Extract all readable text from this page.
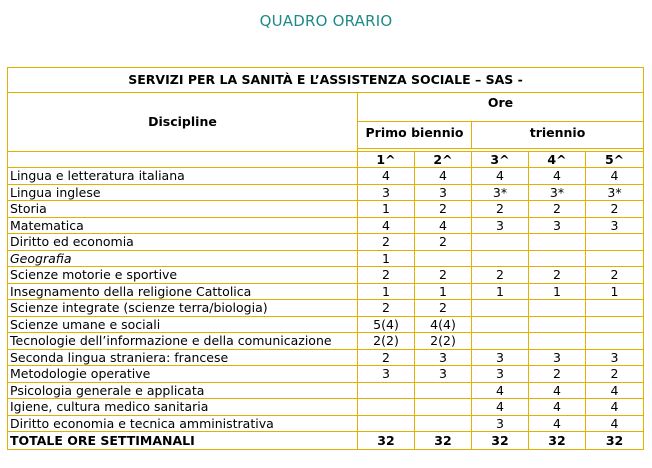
QUADRO ORARIO
SERVIZI PER LA SANITÀ E L’ASSISTENZA SOCIALE – SAS -					
Discipline	Ore				
	Primo biennio		triennio		

	1^	2^	3^	4^	5^
Lingua e letteratura italiana	4	4	4	4	4
Lingua inglese	3	3	3*	3*	3*
Storia	1	2	2	2	2
Matematica	4	4	3	3	3
Diritto ed economia	2	2			
Geografia	1				
Scienze motorie e sportive	2	2	2	2	2
Insegnamento della religione Cattolica	1	1	1	1	1
Scienze integrate (scienze terra/biologia)	2	2			
Scienze umane e sociali	5(4)	4(4)			
Tecnologie dell’informazione e della comunicazione	2(2)	2(2)			
Seconda lingua straniera: francese	2	3	3	3	3
Metodologie operative	3	3	3	2	2
Psicologia generale e applicata			4	4	4
Igiene, cultura medico sanitaria			4	4	4
Diritto economia e tecnica amministrativa			3	4	4
TOTALE ORE SETTIMANALI	32	32	32	32	32
